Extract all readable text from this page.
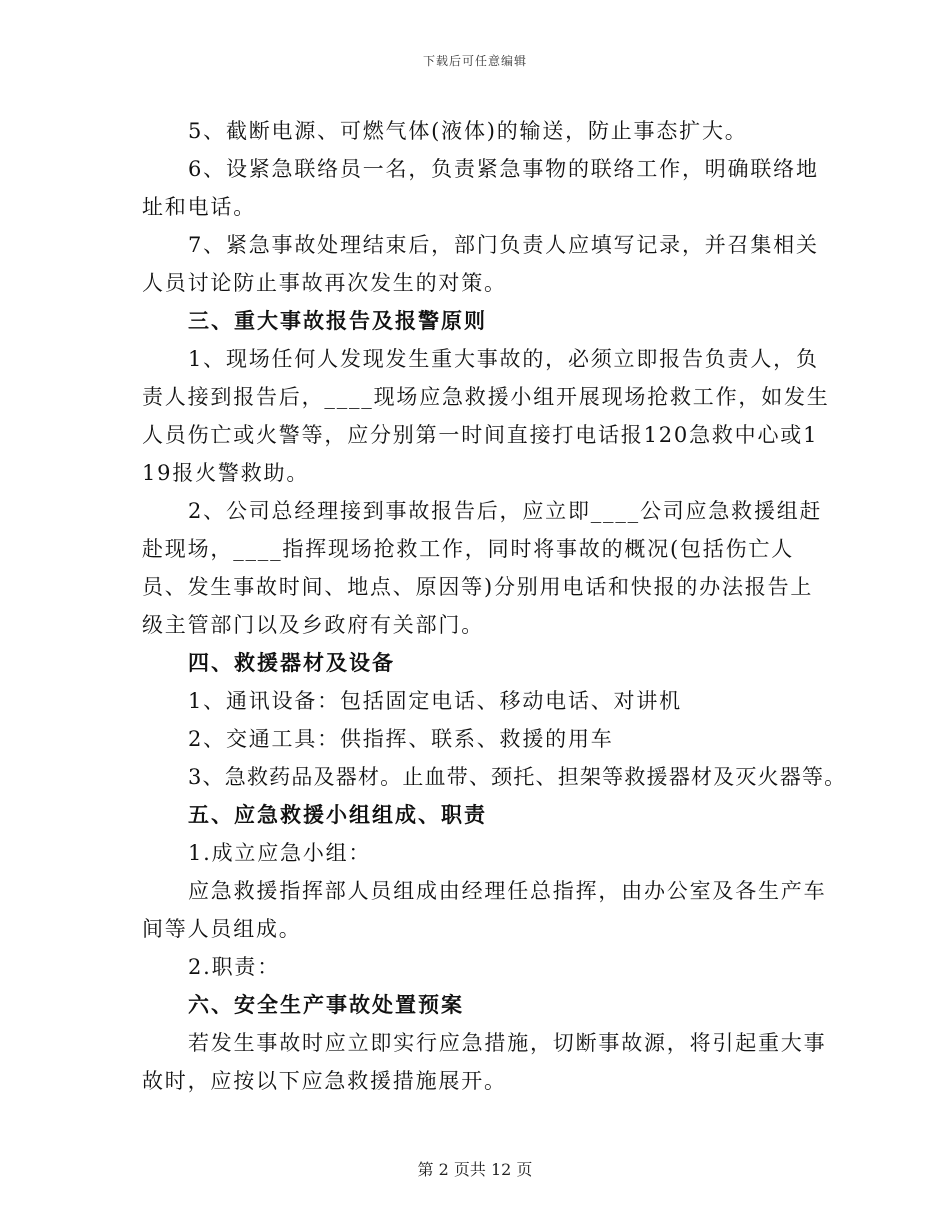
下载后可任意编辑

5、截断电源、可燃气体(液体)的输送，防止事态扩大。

6、设紧急联络员一名，负责紧急事物的联络工作，明确联络地址和电话。

7、紧急事故处理结束后，部门负责人应填写记录，并召集相关人员讨论防止事故再次发生的对策。

三、重大事故报告及报警原则

1、现场任何人发现发生重大事故的，必须立即报告负责人，负责人接到报告后，____现场应急救援小组开展现场抢救工作，如发生人员伤亡或火警等，应分别第一时间直接打电话报120急救中心或119报火警救助。

2、公司总经理接到事故报告后，应立即____公司应急救援组赶赴现场，____指挥现场抢救工作，同时将事故的概况(包括伤亡人员、发生事故时间、地点、原因等)分别用电话和快报的办法报告上级主管部门以及乡政府有关部门。

四、救援器材及设备

1、通讯设备：包括固定电话、移动电话、对讲机

2、交通工具：供指挥、联系、救援的用车

3、急救药品及器材。止血带、颈托、担架等救援器材及灭火器等。

五、应急救援小组组成、职责

1.成立应急小组：

应急救援指挥部人员组成由经理任总指挥，由办公室及各生产车间等人员组成。

2.职责：

六、安全生产事故处置预案

若发生事故时应立即实行应急措施，切断事故源，将引起重大事故时，应按以下应急救援措施展开。

第 2 页共 12 页
